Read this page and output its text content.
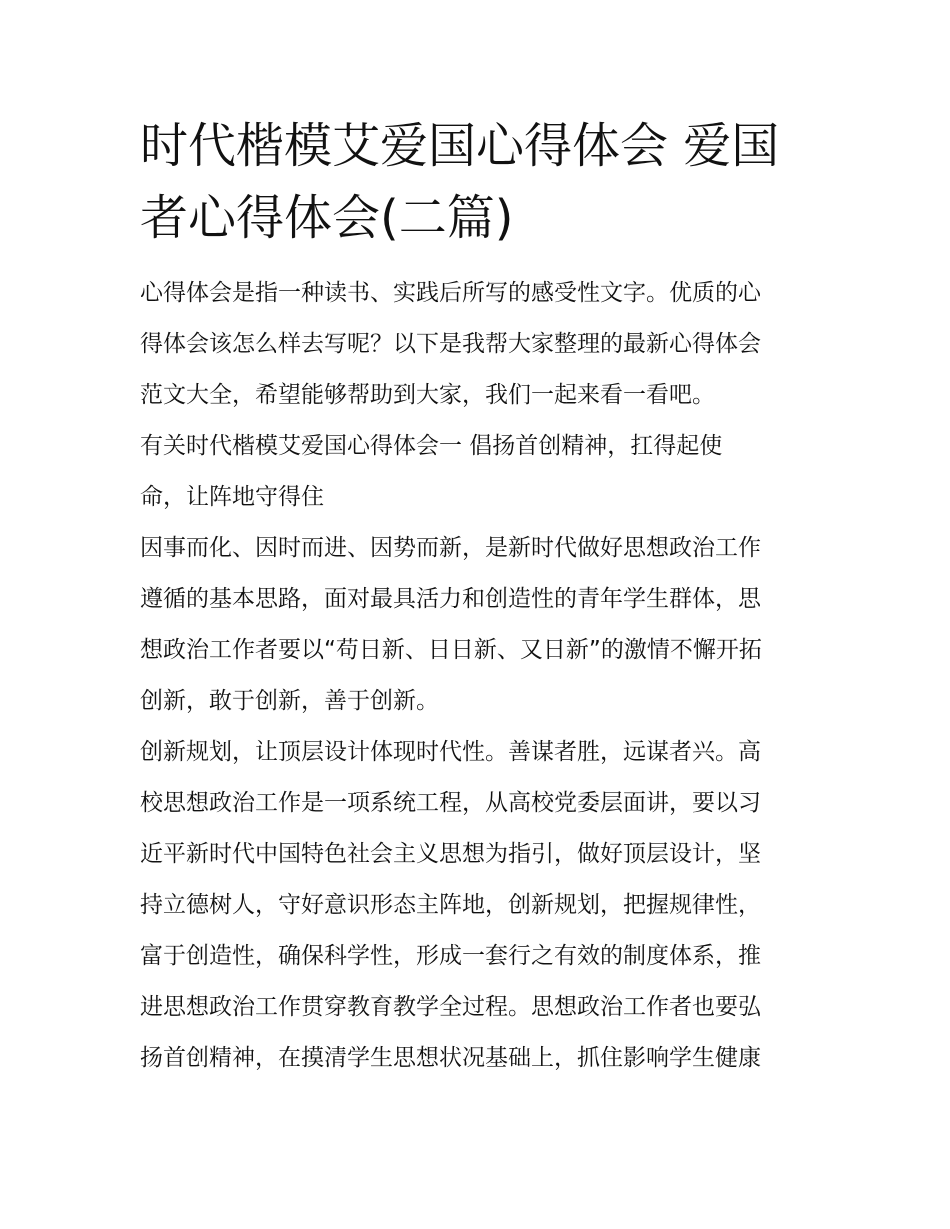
时代楷模艾爱国心得体会 爱国
者心得体会(二篇)

心得体会是指一种读书、实践后所写的感受性文字。优质的心
得体会该怎么样去写呢？以下是我帮大家整理的最新心得体会
范文大全，希望能够帮助到大家，我们一起来看一看吧。

有关时代楷模艾爱国心得体会一 倡扬首创精神，扛得起使
命，让阵地守得住

因事而化、因时而进、因势而新，是新时代做好思想政治工作
遵循的基本思路，面对最具活力和创造性的青年学生群体，思
想政治工作者要以“苟日新、日日新、又日新”的激情不懈开拓
创新，敢于创新，善于创新。

创新规划，让顶层设计体现时代性。善谋者胜，远谋者兴。高
校思想政治工作是一项系统工程，从高校党委层面讲，要以习
近平新时代中国特色社会主义思想为指引，做好顶层设计，坚
持立德树人，守好意识形态主阵地，创新规划，把握规律性，
富于创造性，确保科学性，形成一套行之有效的制度体系，推
进思想政治工作贯穿教育教学全过程。思想政治工作者也要弘
扬首创精神，在摸清学生思想状况基础上，抓住影响学生健康
